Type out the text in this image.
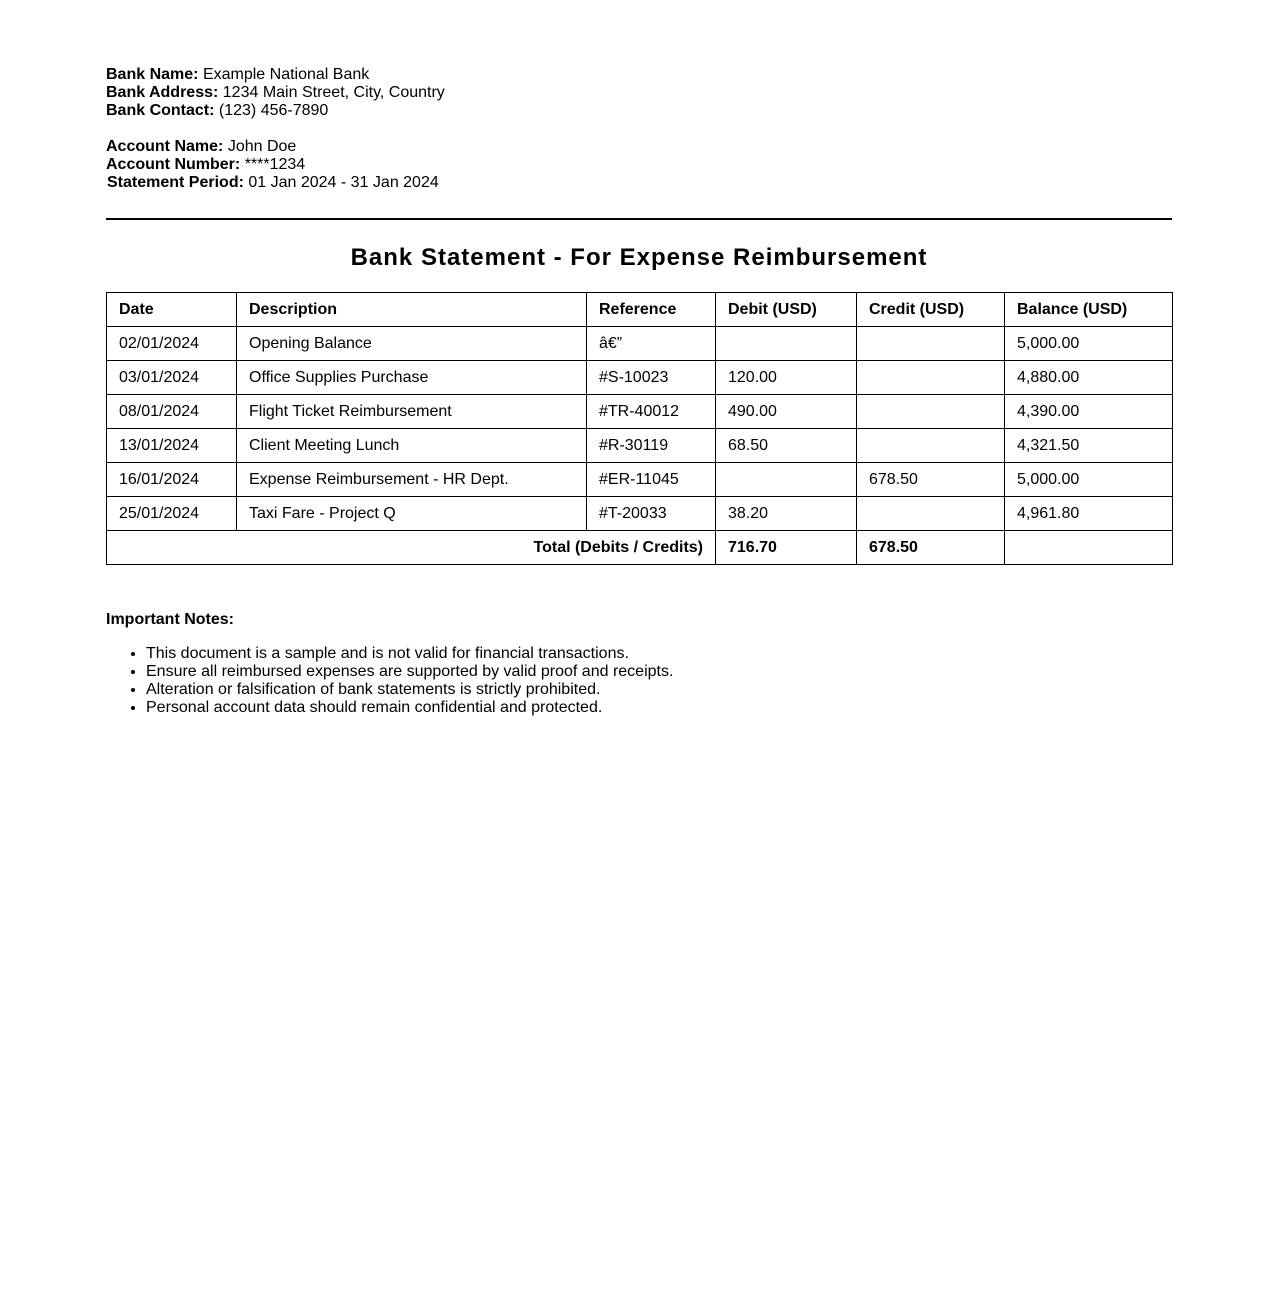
Bank Name: Example National Bank
Bank Address: 1234 Main Street, City, Country
Bank Contact: (123) 456-7890
Account Name: John Doe
Account Number: ****1234
Statement Period: 01 Jan 2024 - 31 Jan 2024
Bank Statement - For Expense Reimbursement
Date	Description	Reference	Debit (USD)	Credit (USD)	Balance (USD)
02/01/2024	Opening Balance	â€”			5,000.00
03/01/2024	Office Supplies Purchase	#S-10023	120.00		4,880.00
08/01/2024	Flight Ticket Reimbursement	#TR-40012	490.00		4,390.00
13/01/2024	Client Meeting Lunch	#R-30119	68.50		4,321.50
16/01/2024	Expense Reimbursement - HR Dept.	#ER-11045		678.50	5,000.00
25/01/2024	Taxi Fare - Project Q	#T-20033	38.20		4,961.80
Total (Debits / Credits)			716.70	678.50	
Important Notes:
• This document is a sample and is not valid for financial transactions.
• Ensure all reimbursed expenses are supported by valid proof and receipts.
• Alteration or falsification of bank statements is strictly prohibited.
• Personal account data should remain confidential and protected.
